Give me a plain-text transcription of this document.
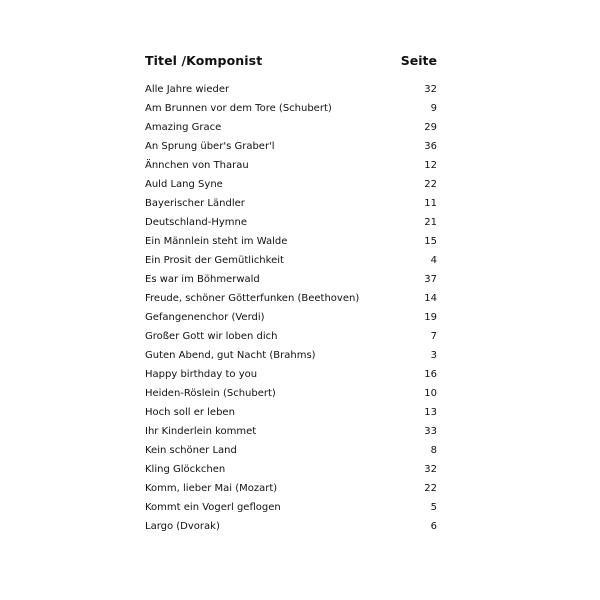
Titel /Komponist	Seite
Alle Jahre wieder	32
Am Brunnen vor dem Tore (Schubert)	9
Amazing Grace	29
An Sprung über's Graber'l	36
Ännchen von Tharau	12
Auld Lang Syne	22
Bayerischer Ländler	11
Deutschland-Hymne	21
Ein Männlein steht im Walde	15
Ein Prosit der Gemütlichkeit	4
Es war im Böhmerwald	37
Freude, schöner Götterfunken (Beethoven)	14
Gefangenenchor (Verdi)	19
Großer Gott wir loben dich	7
Guten Abend, gut Nacht (Brahms)	3
Happy birthday to you	16
Heiden-Röslein (Schubert)	10
Hoch soll er leben	13
Ihr Kinderlein kommet	33
Kein schöner Land	8
Kling Glöckchen	32
Komm, lieber Mai (Mozart)	22
Kommt ein Vogerl geflogen	5
Largo (Dvorak)	6
